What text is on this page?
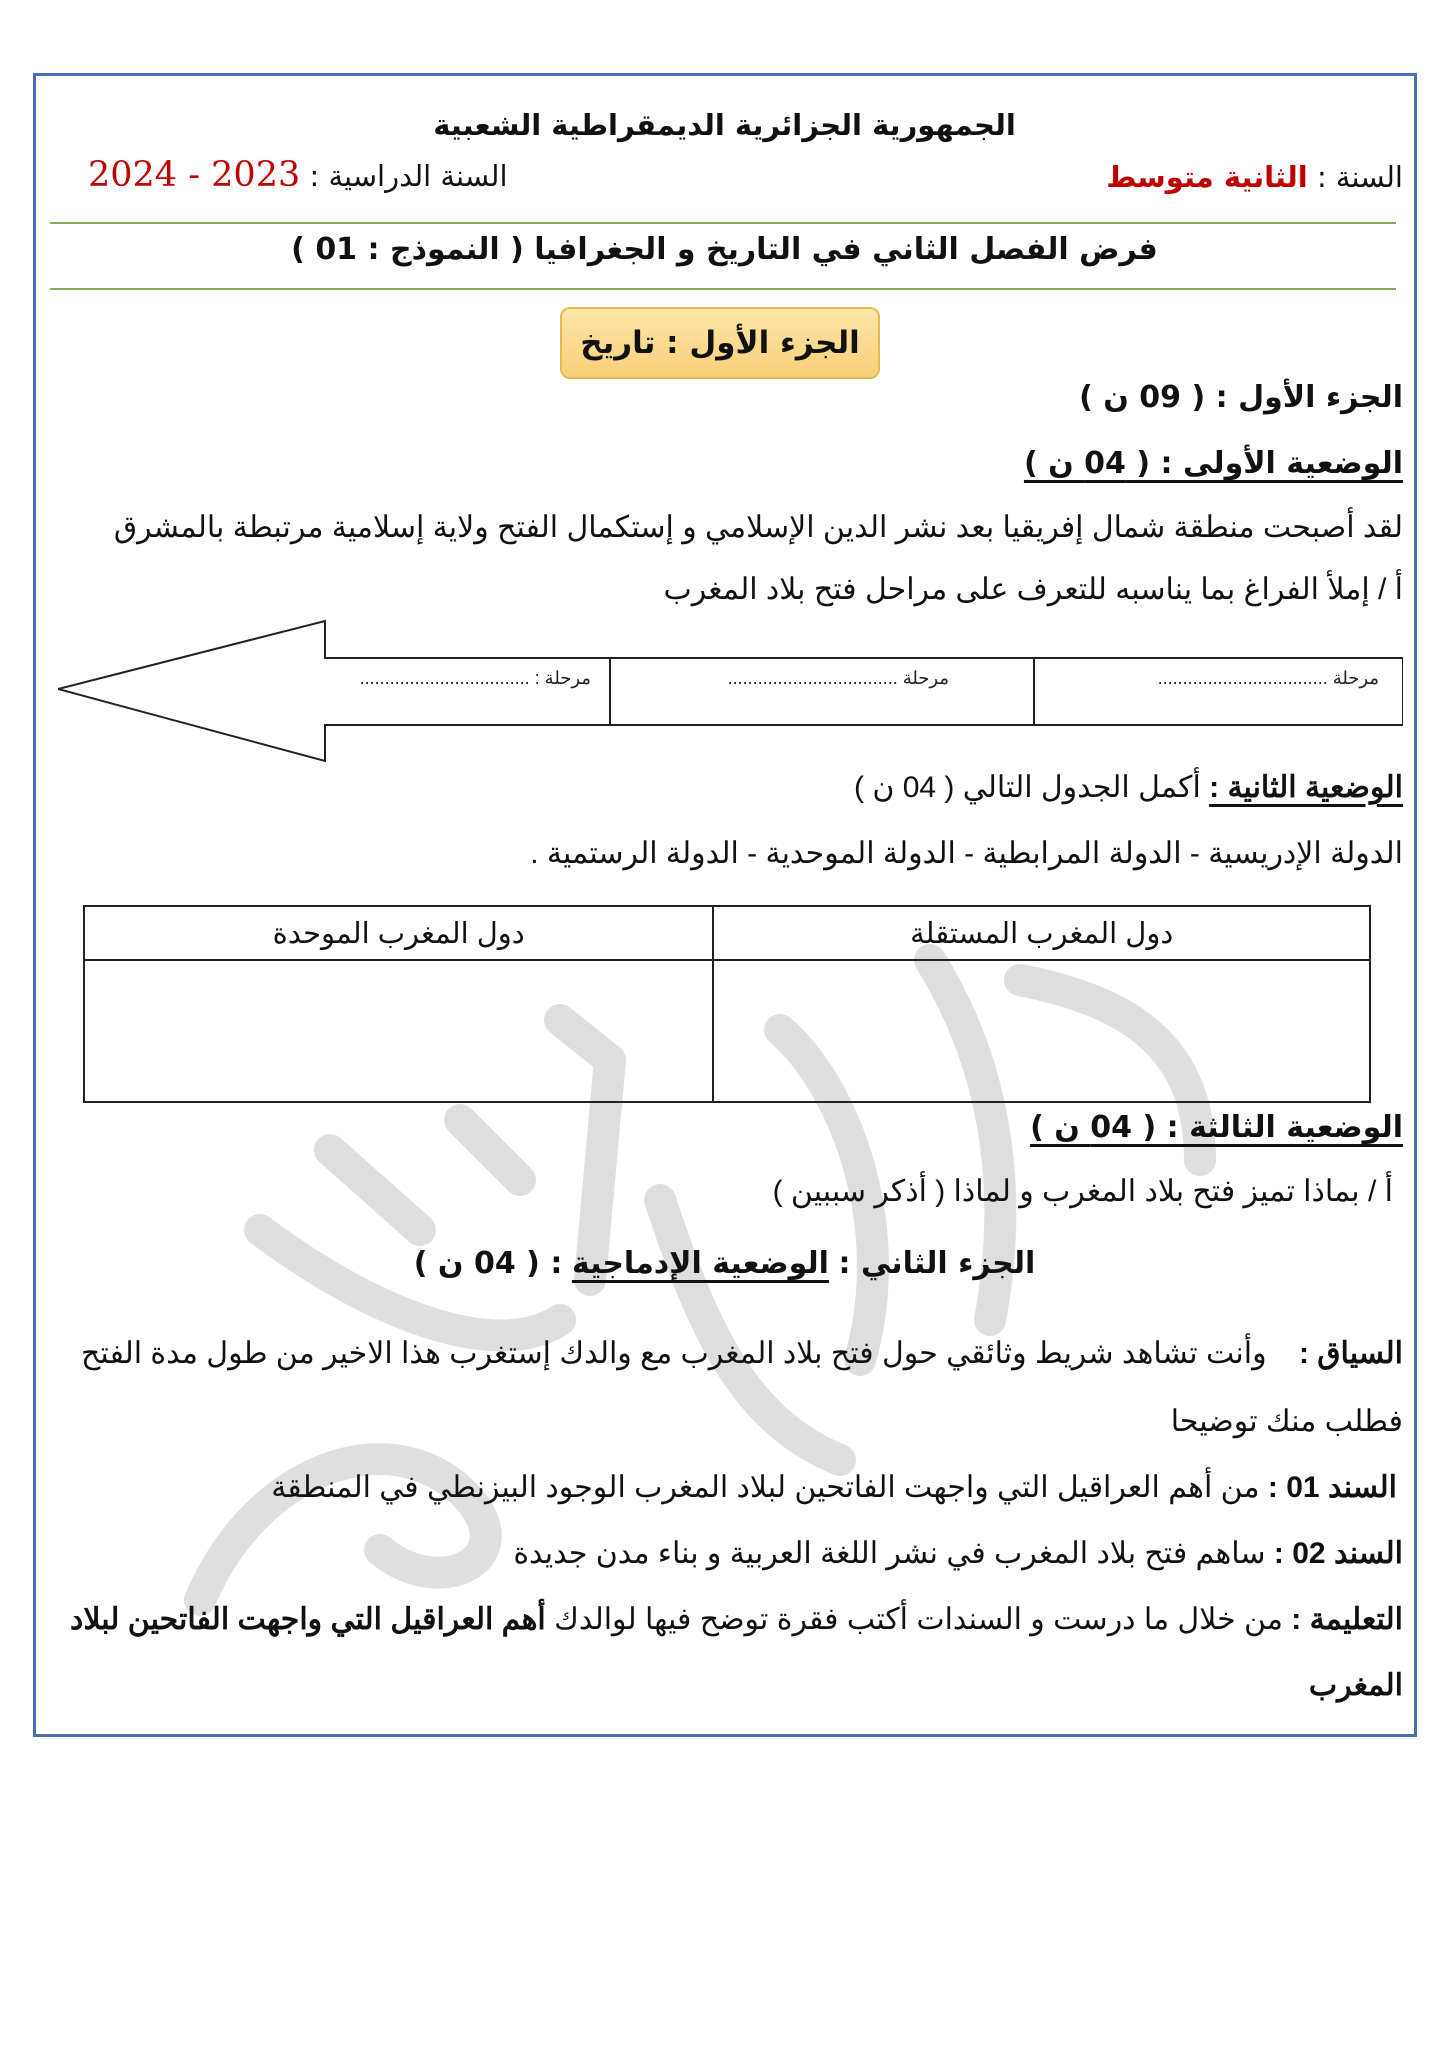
الجمهورية الجزائرية الديمقراطية الشعبية
السنة : الثانية متوسط
السنة الدراسية : 2023 - 2024
فرض الفصل الثاني في التاريخ و الجغرافيا ( النموذج : 01 )
الجزء الأول : تاريخ
الجزء الأول : ( 09 ن )
الوضعية الأولى : ( 04 ن )
لقد أصبحت منطقة شمال إفريقيا بعد نشر الدين الإسلامي و إستكمال الفتح ولاية إسلامية مرتبطة بالمشرق
أ / إملأ الفراغ بما يناسبه للتعرف على مراحل فتح بلاد المغرب
مرحلة ..................................
مرحلة ..................................
مرحلة : ..................................
الوضعية الثانية : أكمل الجدول التالي ( 04 ن )
الدولة الإدريسية - الدولة المرابطية - الدولة الموحدية - الدولة الرستمية .
دول المغرب المستقلة	دول المغرب الموحدة

الوضعية الثالثة : ( 04 ن )
أ / بماذا تميز فتح بلاد المغرب و لماذا ( أذكر سببين )
الجزء الثاني : الوضعية الإدماجية : ( 04 ن )
السياق : وأنت تشاهد شريط وثائقي حول فتح بلاد المغرب مع والدك إستغرب هذا الاخير من طول مدة الفتح
فطلب منك توضيحا
السند 01 : من أهم العراقيل التي واجهت الفاتحين لبلاد المغرب الوجود البيزنطي في المنطقة
السند 02 : ساهم فتح بلاد المغرب في نشر اللغة العربية و بناء مدن جديدة
التعليمة : من خلال ما درست و السندات أكتب فقرة توضح فيها لوالدك أهم العراقيل التي واجهت الفاتحين لبلاد
المغرب
